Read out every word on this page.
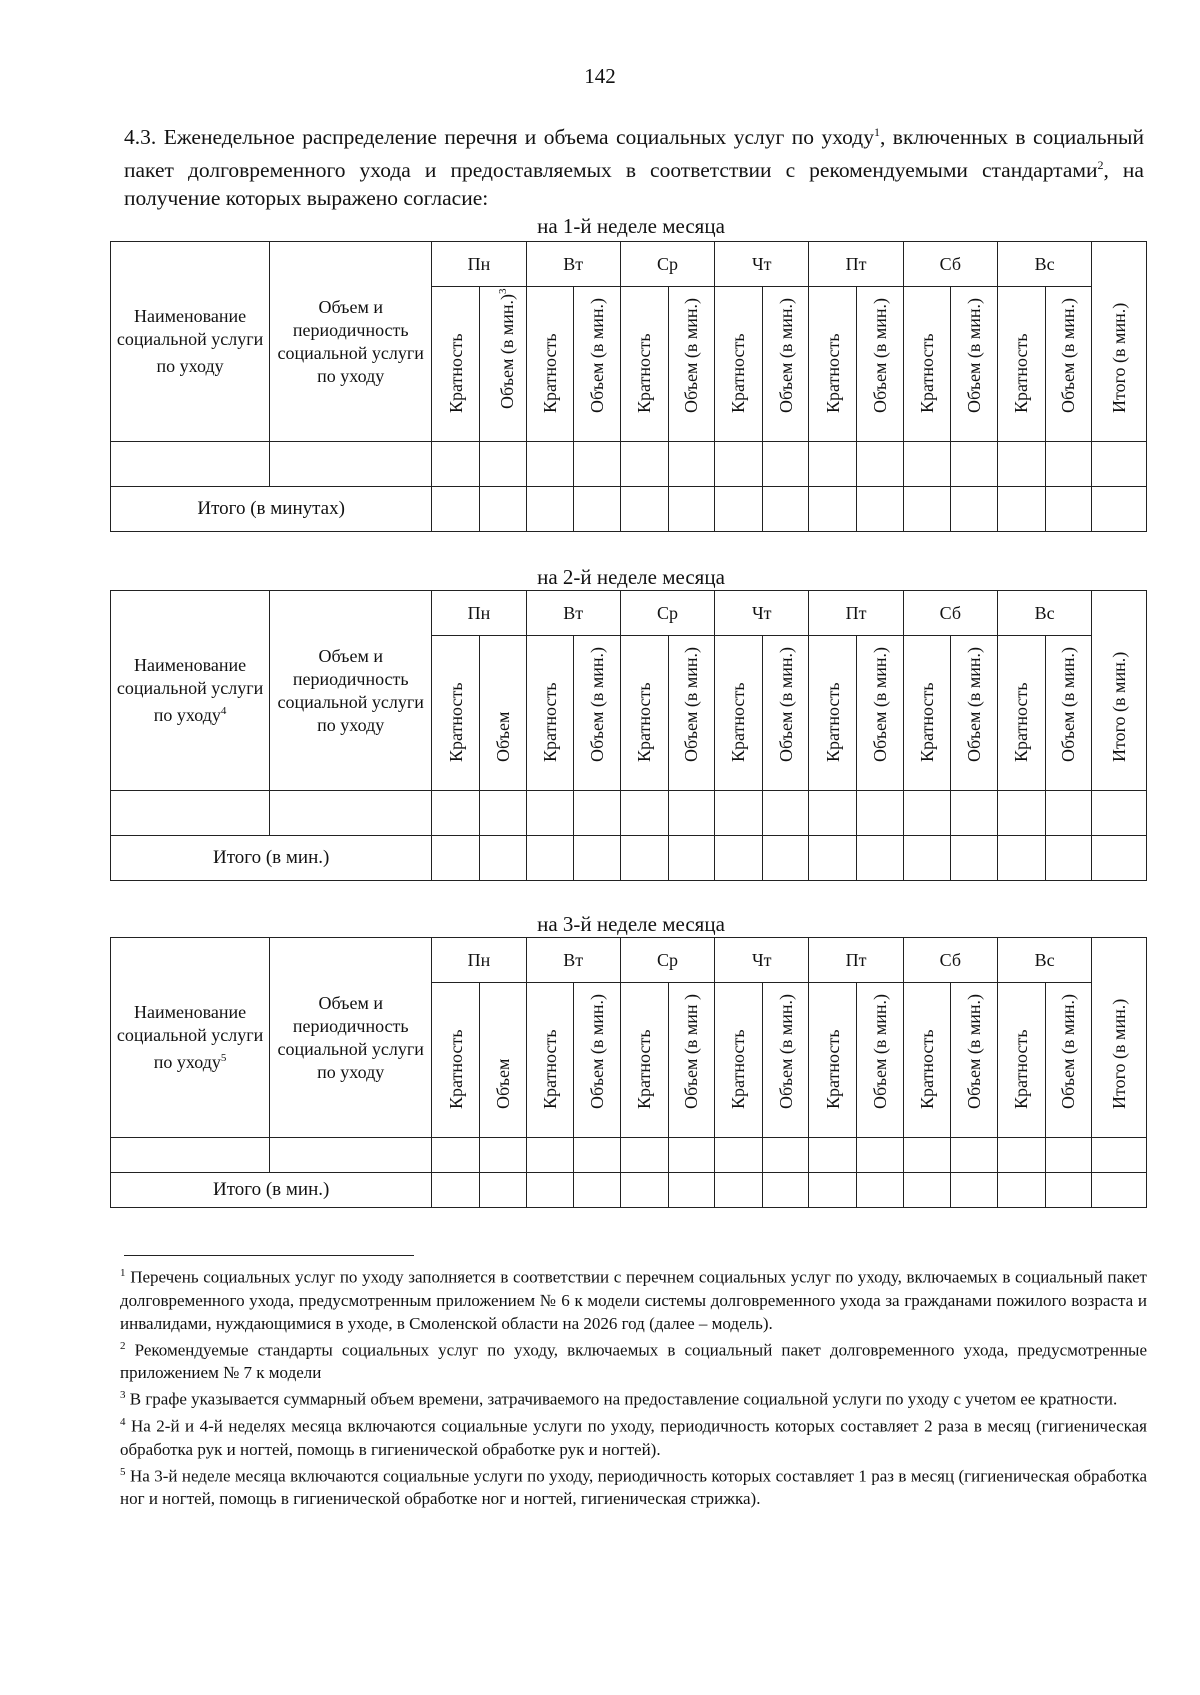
142
4.3. Еженедельное распределение перечня и объема социальных услуг по уходу$^1$, включенных в социальный пакет долговременного ухода и предоставляемых в соответствии с рекомендуемыми стандартами$^2$, на получение которых выражено согласие:
на 1-й неделе месяца
Наименование социальной услуги по уходу	Объем и периодичность социальной услуги по уходу	Пн		Вт		Ср		Чт		Пт		Сб		Вс		Итого (в мин.)

		Кратность	Объем (в мин.)$^3$	Кратность	Объем (в мин.)	Кратность	Объем (в мин.)	Кратность	Объем (в мин.)	Кратность	Объем (в мин.)	Кратность	Объем (в мин.)	Кратность	Объем (в мин.)	

Итого (в минутах)																
на 2-й неделе месяца
Наименование социальной услуги по уходу$^4$	Объем и периодичность социальной услуги по уходу	Пн		Вт		Ср		Чт		Пт		Сб		Вс		Итого (в мин.)

		Кратность	Объем	Кратность	Объем (в мин.)	Кратность	Объем (в мин.)	Кратность	Объем (в мин.)	Кратность	Объем (в мин.)	Кратность	Объем (в мин.)	Кратность	Объем (в мин.)	

Итого (в мин.)																
на 3-й неделе месяца
Наименование социальной услуги по уходу$^5$	Объем и периодичность социальной услуги по уходу	Пн		Вт		Ср		Чт		Пт		Сб		Вс		Итого (в мин.)

		Кратность	Объем	Кратность	Объем (в мин.)	Кратность	Объем (в мин )	Кратность	Объем (в мин.)	Кратность	Объем (в мин.)	Кратность	Объем (в мин.)	Кратность	Объем (в мин.)	

Итого (в мин.)																

$^1$ Перечень социальных услуг по уходу заполняется в соответствии с перечнем социальных услуг по уходу, включаемых в социальный пакет долговременного ухода, предусмотренным приложением № 6 к модели системы долговременного ухода за гражданами пожилого возраста и инвалидами, нуждающимися в уходе, в Смоленской области на 2026 год (далее – модель).

$^2$ Рекомендуемые стандарты социальных услуг по уходу, включаемых в социальный пакет долговременного ухода, предусмотренные приложением № 7 к модели

$^3$ В графе указывается суммарный объем времени, затрачиваемого на предоставление социальной услуги по уходу с учетом ее кратности.

$^4$ На 2-й и 4-й неделях месяца включаются социальные услуги по уходу, периодичность которых составляет 2 раза в месяц (гигиеническая обработка рук и ногтей, помощь в гигиенической обработке рук и ногтей).

$^5$ На 3-й неделе месяца включаются социальные услуги по уходу, периодичность которых составляет 1 раз в месяц (гигиеническая обработка ног и ногтей, помощь в гигиенической обработке ног и ногтей, гигиеническая стрижка).
